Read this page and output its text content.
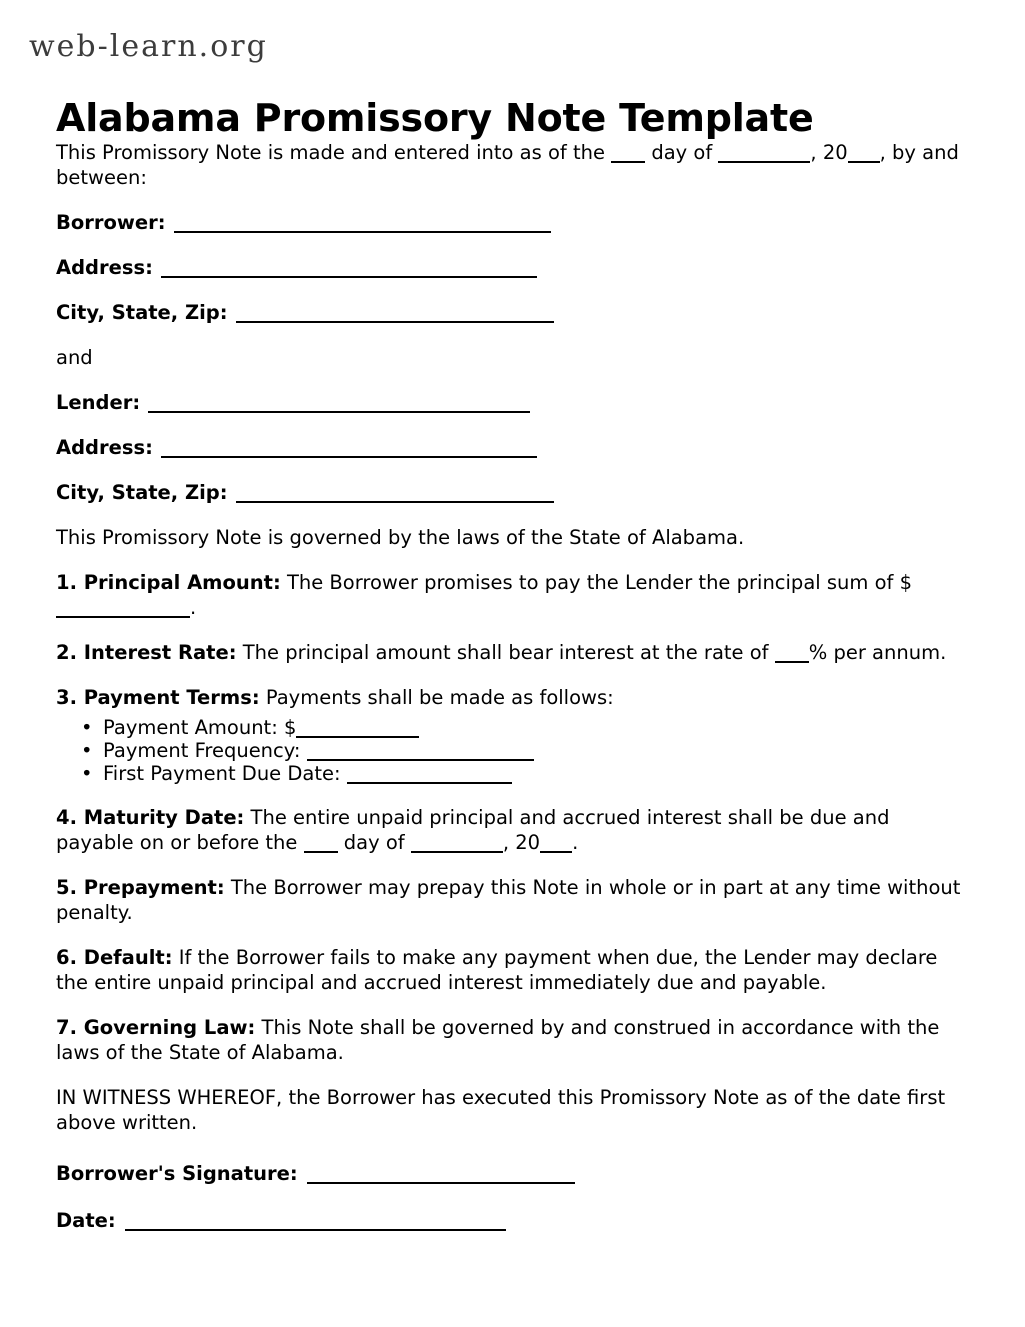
web-learn.org
Alabama Promissory Note Template

This Promissory Note is made and entered into as of the  day of	, 20 , by and between:

Borrower:
Address:
City, State, Zip:

and

Lender:
Address:
City, State, Zip:

This Promissory Note is governed by the laws of the State of Alabama.

1. Principal Amount: The Borrower promises to pay the Lender the principal sum of $.

2. Interest Rate: The principal amount shall bear interest at the rate of % per annum.

3. Payment Terms: Payments shall be made as follows:

• Payment Amount: $
• Payment Frequency:
• First Payment Due Date:

4. Maturity Date: The entire unpaid principal and accrued interest shall be due and payable on or before the  day of	, 20 .

5. Prepayment: The Borrower may prepay this Note in whole or in part at any time without penalty.

6. Default: If the Borrower fails to make any payment when due, the Lender may declare the entire unpaid principal and accrued interest immediately due and payable.

7. Governing Law: This Note shall be governed by and construed in accordance with the laws of the State of Alabama.

IN WITNESS WHEREOF, the Borrower has executed this Promissory Note as of the date first above written.

Borrower's Signature:
Date:
